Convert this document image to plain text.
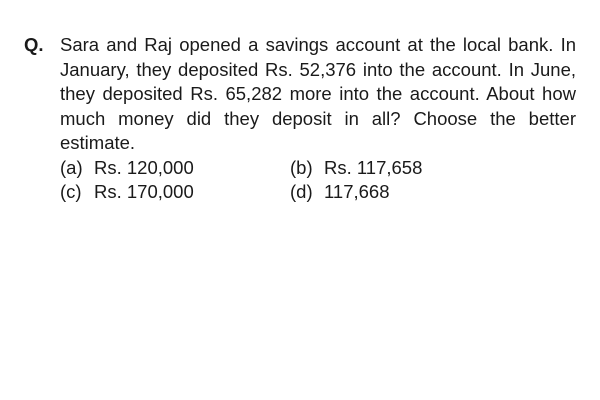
Q. Sara and Raj opened a savings account at the local bank. In January, they deposited Rs. 52,376 into the account. In June, they deposited Rs. 65,282 more into the account. About how much money did they deposit in all? Choose the better estimate.
(a) Rs. 120,000	(b) Rs. 117,658
(c) Rs. 170,000	(d) 117,668
